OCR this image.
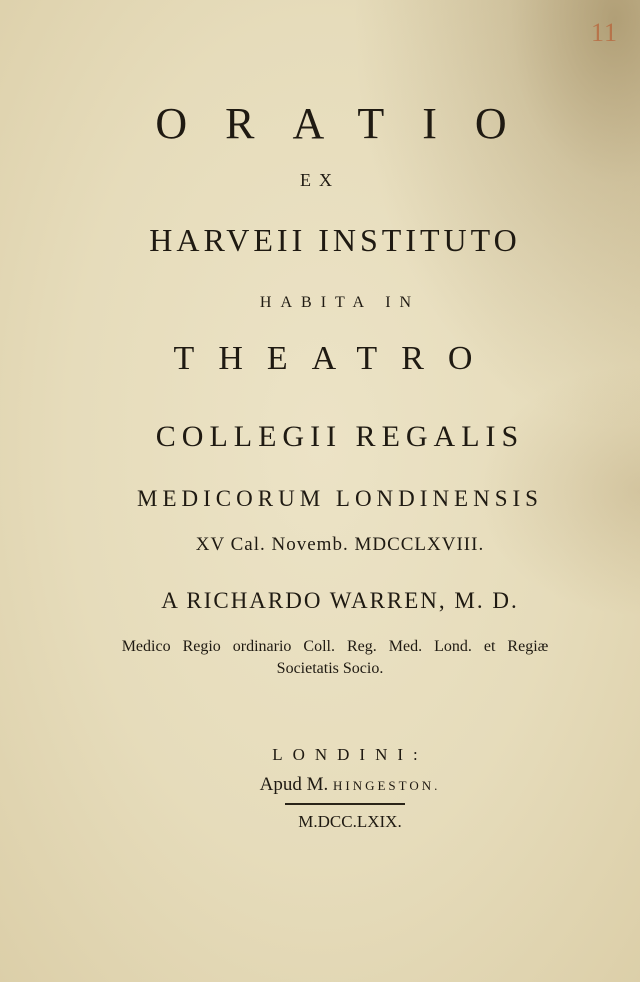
11
ORATIO
EX
HARVEII INSTITUTO
HABITA IN
THEATRO
COLLEGII REGALIS
MEDICORUM LONDINENSIS
XV Cal. Novemb. MDCCLXVIII.
A RICHARDO WARREN, M. D.
Medico Regio ordinario Coll. Reg. Med. Lond. et Regiæ
Societatis Socio.
LONDINI:
Apud M. HINGESTON.
M.DCC.LXIX.
